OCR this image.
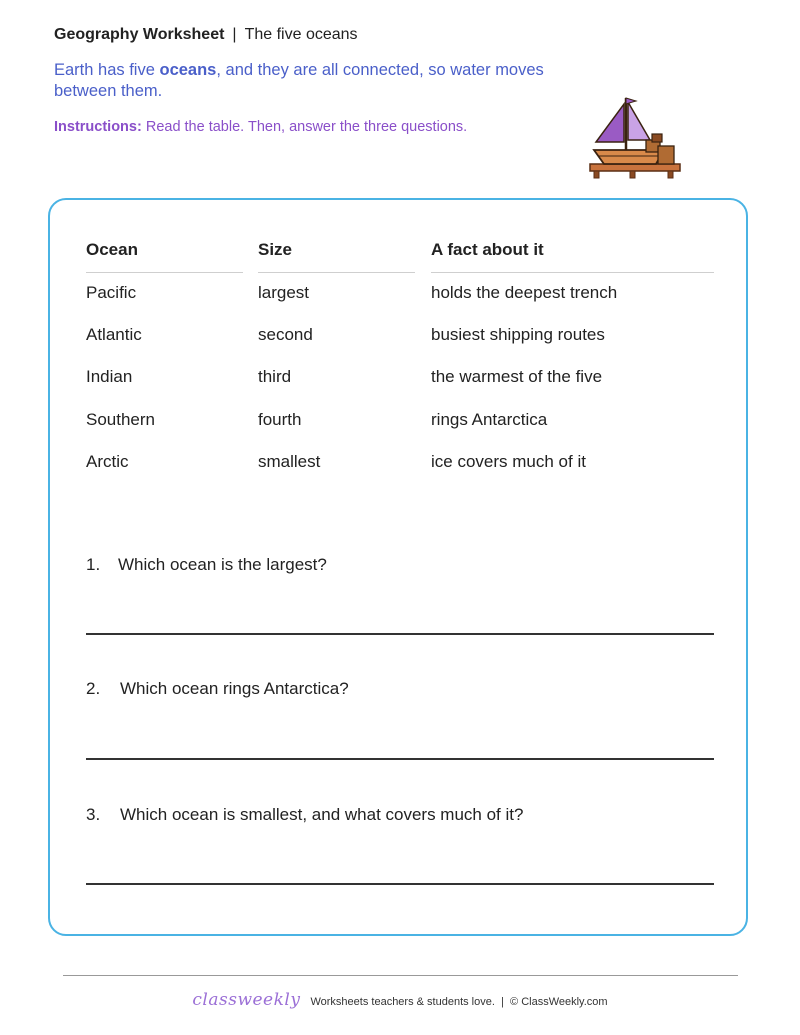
Geography Worksheet | The five oceans
Earth has five oceans, and they are all connected, so water moves between them.
Instructions: Read the table. Then, answer the three questions.
Ocean	Size	A fact about it
Pacific	largest	holds the deepest trench
Atlantic	second	busiest shipping routes
Indian	third	the warmest of the five
Southern	fourth	rings Antarctica
Arctic	smallest	ice covers much of it
1. Which ocean is the largest?
2. Which ocean rings Antarctica?
3. Which ocean is smallest, and what covers much of it?
classweekly Worksheets teachers & students love. | © ClassWeekly.com
